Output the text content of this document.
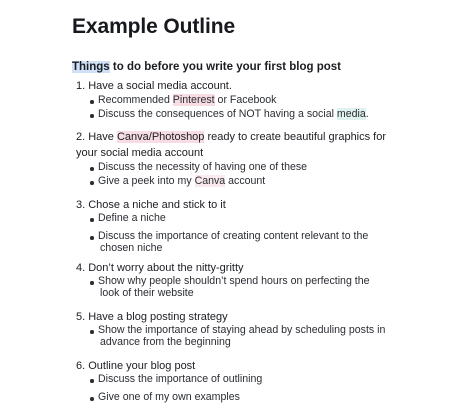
Example Outline
Things to do before you write your first blog post
1. Have a social media account.
Recommended Pinterest or Facebook
Discuss the consequences of NOT having a social media.
2. Have Canva/Photoshop ready to create beautiful graphics for
your social media account
Discuss the necessity of having one of these
Give a peek into my Canva account
3. Chose a niche and stick to it
Define a niche
Discuss the importance of creating content relevant to the
chosen niche
4. Don’t worry about the nitty-gritty
Show why people shouldn’t spend hours on perfecting the
look of their website
5. Have a blog posting strategy
Show the importance of staying ahead by scheduling posts in
advance from the beginning
6. Outline your blog post
Discuss the importance of outlining
Give one of my own examples
